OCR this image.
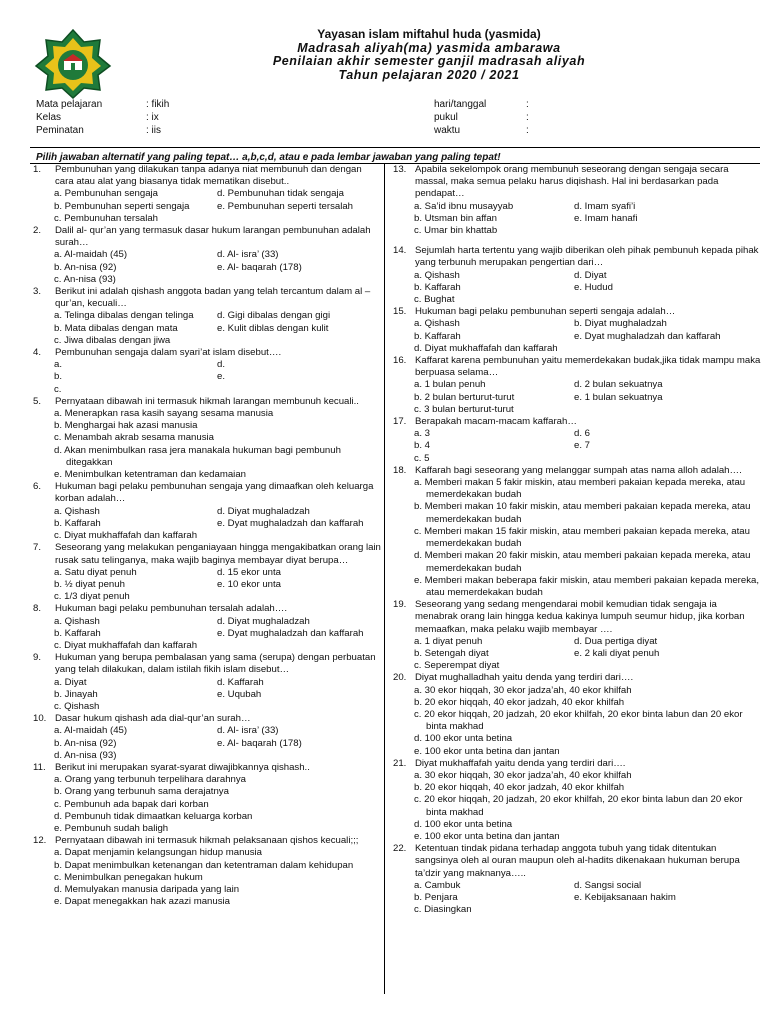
Yayasan islam miftahul huda (yasmida)
Madrasah aliyah(ma) yasmida ambarawa
Penilaian akhir semester ganjil madrasah aliyah
Tahun pelajaran 2020 / 2021
Mata pelajaran	: fikih
Kelas	: ix
Peminatan	: iis
hari/tanggal	:
pukul	:
waktu	:
Pilih jawaban alternatif yang paling tepat… a,b,c,d, atau e pada lembar jawaban yang paling tepat!
1.	Pembunuhan yang dilakukan tanpa adanya niat membunuh dan dengan cara atau alat yang biasanya tidak mematikan disebut..
a. Pembunuhan sengaja	d. Pembunuhan tidak sengaja
b. Pembunuhan seperti sengaja	e. Pembunuhan seperti tersalah
c. Pembunuhan tersalah
2.	Dalil al- qur’an yang termasuk dasar hukum larangan pembunuhan adalah surah…
a. Al-maidah (45)	d. Al- isra’ (33)
b. An-nisa (92)	e. Al- baqarah (178)
c. An-nisa (93)
3.	Berikut ini adalah qishash anggota badan yang telah tercantum dalam al – qur’an, kecuali…
a. Telinga dibalas dengan telinga	d. Gigi dibalas dengan gigi
b. Mata dibalas dengan mata	e. Kulit diblas dengan kulit
c. Jiwa dibalas dengan jiwa
4.	Pembunuhan sengaja dalam syari’at islam disebut….
a.	d.
b.	e.
c.
5.	Pernyataan dibawah ini termasuk hikmah larangan membunuh kecuali..
a. Menerapkan rasa kasih sayang sesama manusia
b. Menghargai hak azasi manusia
c. Menambah akrab sesama manusia
d. Akan menimbulkan rasa jera manakala hukuman bagi pembunuh ditegakkan
e. Menimbulkan ketentraman dan kedamaian
6.	Hukuman bagi pelaku pembunuhan sengaja yang dimaafkan oleh keluarga korban adalah…
a. Qishash	d. Diyat mughaladzah
b. Kaffarah	e. Dyat mughaladzah dan kaffarah
c. Diyat mukhaffafah dan kaffarah
7.	Seseorang yang melakukan penganiayaan hingga mengakibatkan orang lain rusak satu telinganya, maka wajib baginya membayar diyat berupa…
a. Satu diyat penuh	d. 15 ekor unta
b. ½ diyat penuh	e. 10 ekor unta
c. 1/3 diyat penuh
8.	Hukuman bagi pelaku pembunuhan tersalah adalah….
a. Qishash	d. Diyat mughaladzah
b. Kaffarah	e. Dyat mughaladzah dan kaffarah
c. Diyat mukhaffafah dan kaffarah
9.	Hukuman yang berupa pembalasan yang sama (serupa) dengan perbuatan yang telah dilakukan, dalam istilah fikih islam disebut…
a. Diyat	d. Kaffarah
b. Jinayah	e. Uqubah
c. Qishash
10. Dasar hukum qishash ada dial-qur’an surah…
a. Al-maidah (45)	d. Al- isra’ (33)
b. An-nisa (92)	e. Al- baqarah (178)
d. An-nisa (93)
11. Berikut ini merupakan syarat-syarat diwajibkannya qishash..
a. Orang yang terbunuh terpelihara darahnya
b. Orang yang terbunuh sama derajatnya
c. Pembunuh ada bapak dari korban
d. Pembunuh tidak dimaatkan keluarga korban
e. Pembunuh sudah baligh
12. Pernyataan dibawah ini termasuk hikmah pelaksanaan qishos kecuali;;;
a. Dapat menjamin kelangsungan hidup manusia
b. Dapat menimbulkan ketenangan dan ketentraman dalam kehidupan
c. Menimbulkan penegakan hukum
d. Memulyakan manusia daripada yang lain
e. Dapat menegakkan hak azazi manusia
13. Apabila sekelompok orang membunuh seseorang dengan sengaja secara massal, maka semua pelaku harus diqishash. Hal ini berdasarkan pada pendapat…
a. Sa’id ibnu musayyab	d. Imam syafi’i
b. Utsman bin affan	e. Imam hanafi
c. Umar bin khattab
14. Sejumlah harta tertentu yang wajib diberikan oleh pihak pembunuh kepada pihak yang terbunuh merupakan pengertian dari…
a. Qishash	d. Diyat
b. Kaffarah	e. Hudud
c. Bughat
15. Hukuman bagi pelaku pembunuhan seperti sengaja adalah…
a. Qishash	b. Diyat mughaladzah
b. Kaffarah	e. Dyat mughaladzah dan kaffarah
d. Diyat mukhaffafah dan kaffarah
16. Kaffarat karena pembunuhan yaitu memerdekakan budak,jika tidak mampu maka berpuasa selama…
a. 1 bulan penuh	d. 2 bulan sekuatnya
b. 2 bulan berturut-turut	e. 1 bulan sekuatnya
c. 3 bulan berturut-turut
17. Berapakah macam-macam kaffarah…
a. 3	d. 6
b. 4	e. 7
c. 5
18. Kaffarah bagi seseorang yang melanggar sumpah atas nama alloh adalah….
a. Memberi makan 5 fakir miskin, atau memberi pakaian kepada mereka, atau memerdekakan budah
b. Memberi makan 10 fakir miskin, atau memberi pakaian kepada mereka, atau memerdekakan budah
c. Memberi makan 15 fakir miskin, atau memberi pakaian kepada mereka, atau memerdekakan budah
d. Memberi makan 20 fakir miskin, atau memberi pakaian kepada mereka, atau memerdekakan budah
e. Memberi makan beberapa fakir miskin, atau memberi pakaian kepada mereka, atau memerdekakan budah
19. Seseorang yang sedang mengendarai mobil kemudian tidak sengaja ia menabrak orang lain hingga kedua kakinya lumpuh seumur hidup, jika korban memaafkan, maka pelaku wajib membayar ….
a. 1 diyat penuh	d. Dua pertiga diyat
b. Setengah diyat	e. 2 kali diyat penuh
c. Seperempat diyat
20. Diyat mughalladhah yaitu denda yang terdiri dari….
a. 30 ekor hiqqah, 30 ekor jadza’ah, 40 ekor khilfah
b. 20 ekor hiqqah, 40 ekor jadzah, 40 ekor khilfah
c. 20 ekor hiqqah, 20 jadzah, 20 ekor khilfah, 20 ekor binta labun dan 20 ekor binta makhad
d. 100 ekor unta betina
e. 100 ekor unta betina dan jantan
21. Diyat mukhaffafah yaitu denda yang terdiri dari….
a. 30 ekor hiqqah, 30 ekor jadza’ah, 40 ekor khilfah
b. 20 ekor hiqqah, 40 ekor jadzah, 40 ekor khilfah
c. 20 ekor hiqqah, 20 jadzah, 20 ekor khilfah, 20 ekor binta labun dan 20 ekor binta makhad
d. 100 ekor unta betina
e. 100 ekor unta betina dan jantan
22. Ketentuan tindak pidana terhadap anggota tubuh yang tidak ditentukan sangsinya oleh al ouran maupun oleh al-hadits dikenakaan hukuman berupa ta’dzir yang maknanya…..
a. Cambuk	d. Sangsi social
b. Penjara	e. Kebijaksanaan hakim
c. Diasingkan
